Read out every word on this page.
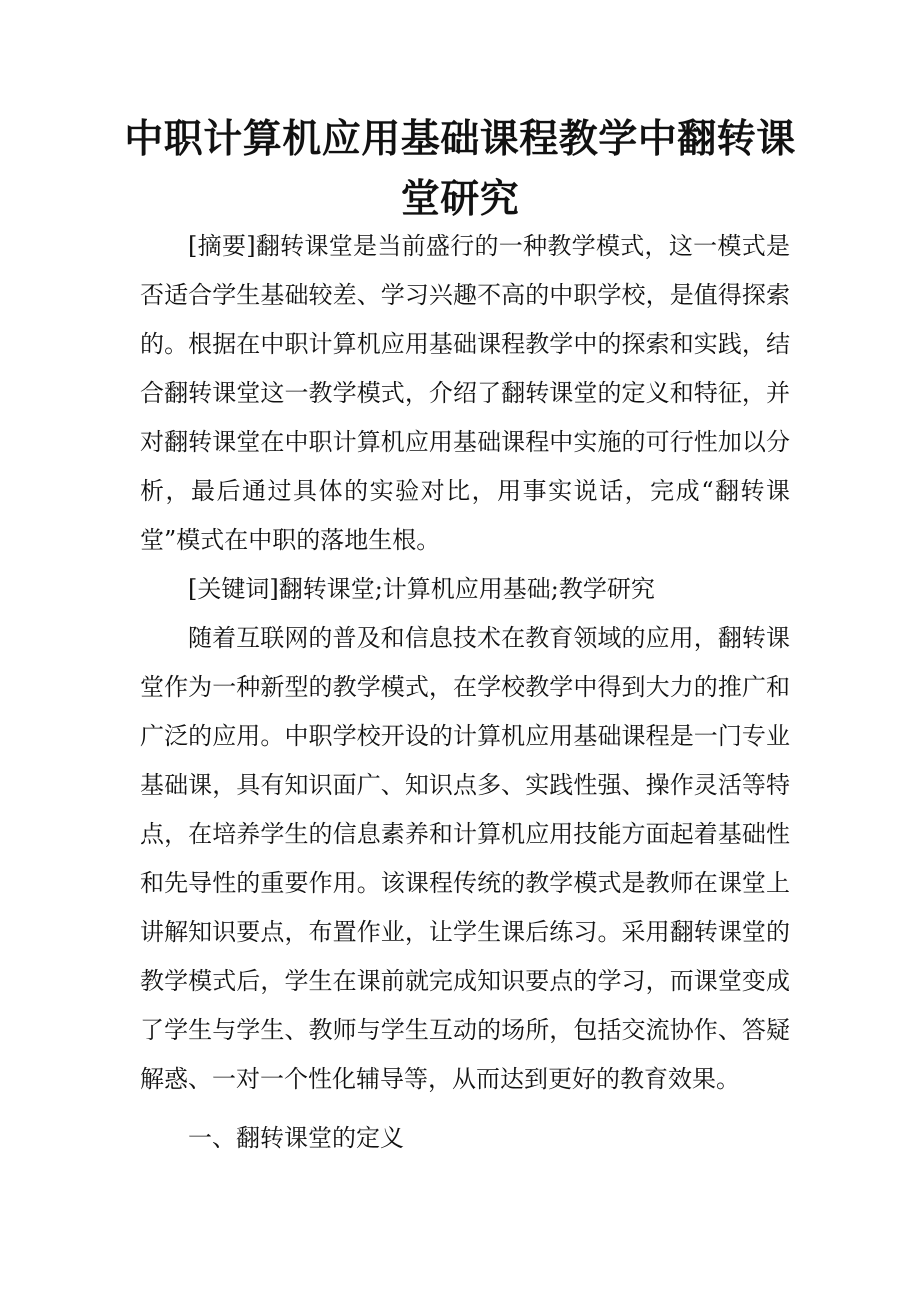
中职计算机应用基础课程教学中翻转课
堂研究

[摘要]翻转课堂是当前盛行的一种教学模式，这一模式是否适合学生基础较差、学习兴趣不高的中职学校，是值得探索的。根据在中职计算机应用基础课程教学中的探索和实践，结合翻转课堂这一教学模式，介绍了翻转课堂的定义和特征，并对翻转课堂在中职计算机应用基础课程中实施的可行性加以分析，最后通过具体的实验对比，用事实说话，完成“翻转课堂”模式在中职的落地生根。

[关键词]翻转课堂;计算机应用基础;教学研究

随着互联网的普及和信息技术在教育领域的应用，翻转课堂作为一种新型的教学模式，在学校教学中得到大力的推广和广泛的应用。中职学校开设的计算机应用基础课程是一门专业基础课，具有知识面广、知识点多、实践性强、操作灵活等特点，在培养学生的信息素养和计算机应用技能方面起着基础性和先导性的重要作用。该课程传统的教学模式是教师在课堂上讲解知识要点，布置作业，让学生课后练习。采用翻转课堂的教学模式后，学生在课前就完成知识要点的学习，而课堂变成了学生与学生、教师与学生互动的场所，包括交流协作、答疑解惑、一对一个性化辅导等，从而达到更好的教育效果。

一、翻转课堂的定义
